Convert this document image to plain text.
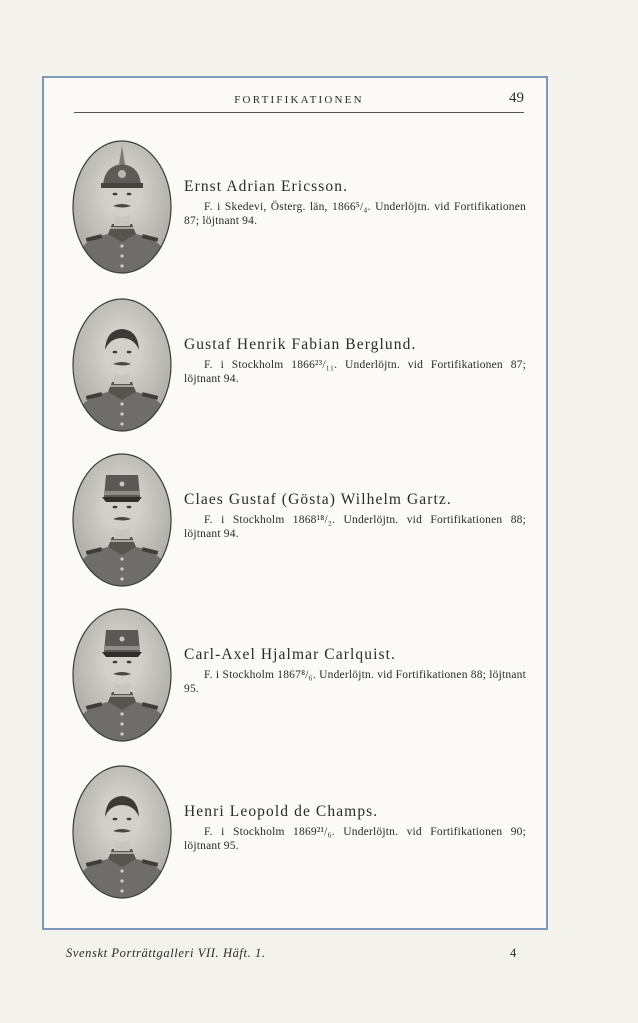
FORTIFIKATIONEN	49

Ernst Adrian Ericsson.

F. i Skedevi, Österg. län, 1866⁵/₄. Underlöjtn. vid Fortifikationen 87; löjtnant 94.

Gustaf Henrik Fabian Berglund.

F. i Stockholm 1866²³/₁₁. Underlöjtn. vid Fortifikationen 87; löjtnant 94.

Claes Gustaf (Gösta) Wilhelm Gartz.

F. i Stockholm 1868¹⁸/₂. Underlöjtn. vid Fortifikationen 88; löjtnant 94.

Carl-Axel Hjalmar Carlquist.

F. i Stockholm 1867⁸/₆. Underlöjtn. vid Fortifikationen 88; löjtnant 95.

Henri Leopold de Champs.

F. i Stockholm 1869²¹/₆. Underlöjtn. vid Fortifikationen 90; löjtnant 95.

Svenskt Porträttgalleri VII. Häft. 1.	4
